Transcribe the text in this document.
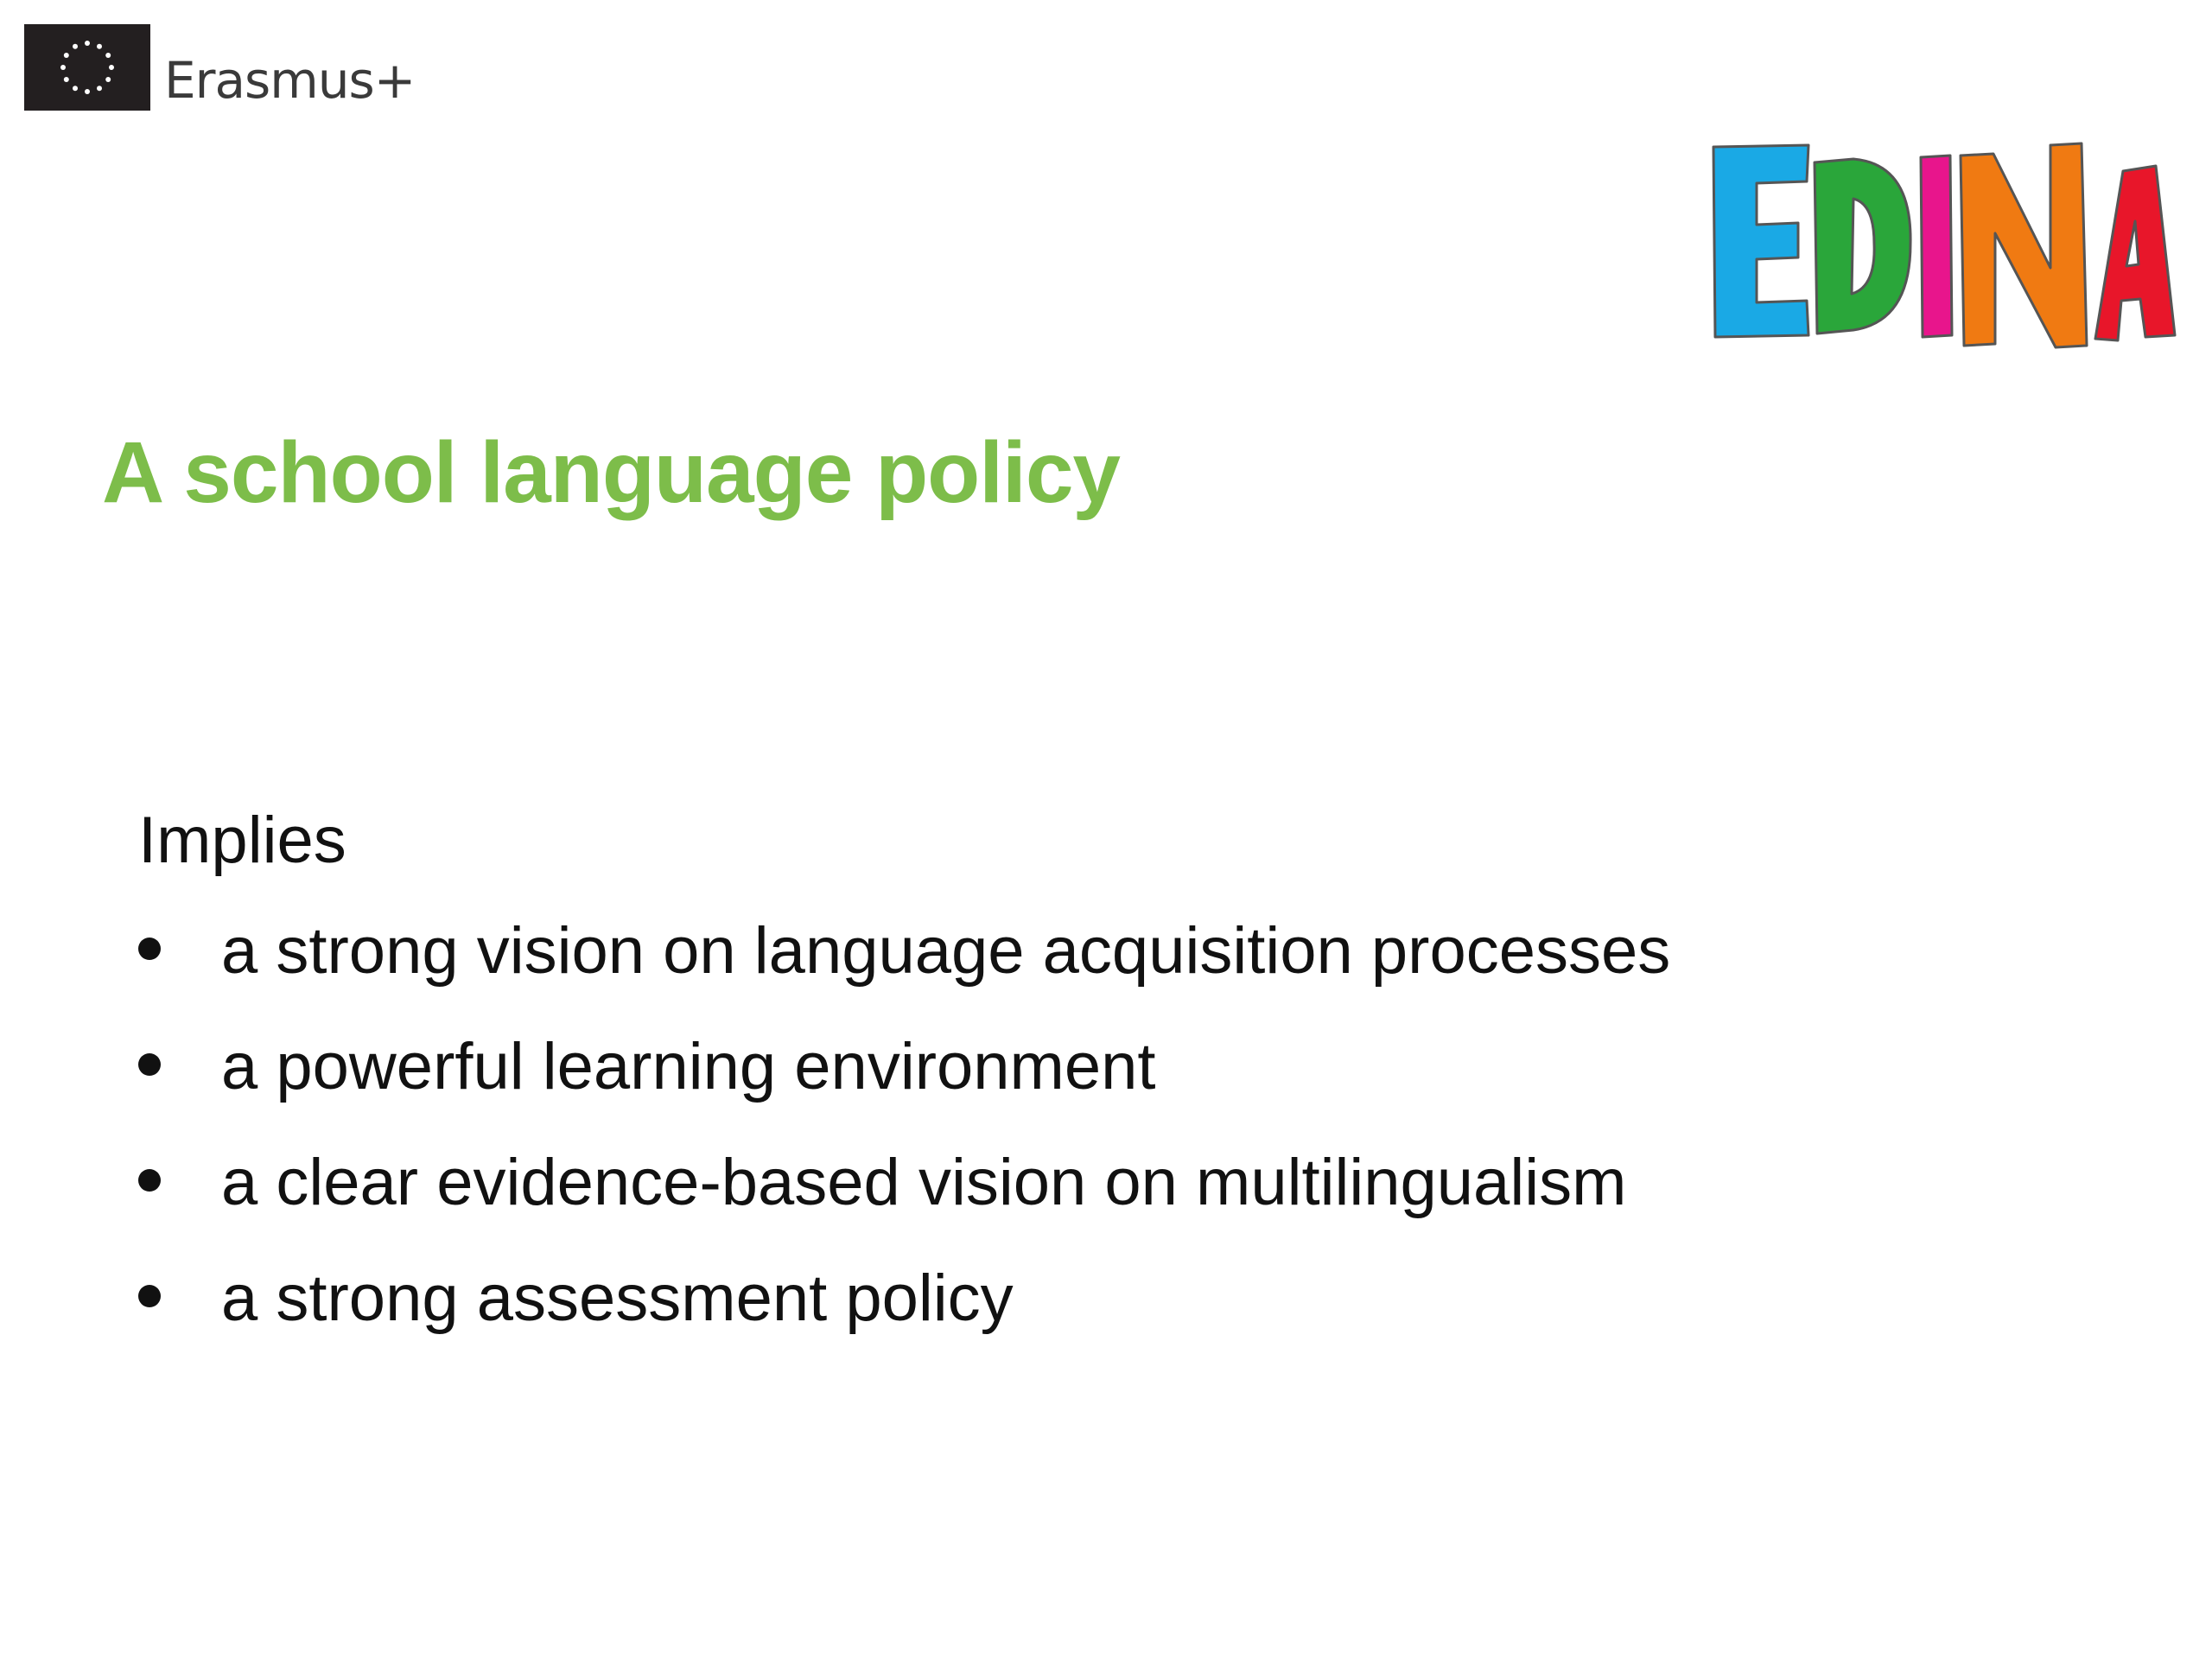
Erasmus+
A school language policy

Implies

a strong vision on language acquisition processes
a powerful learning environment
a clear evidence-based vision on multilingualism
a strong assessment policy
